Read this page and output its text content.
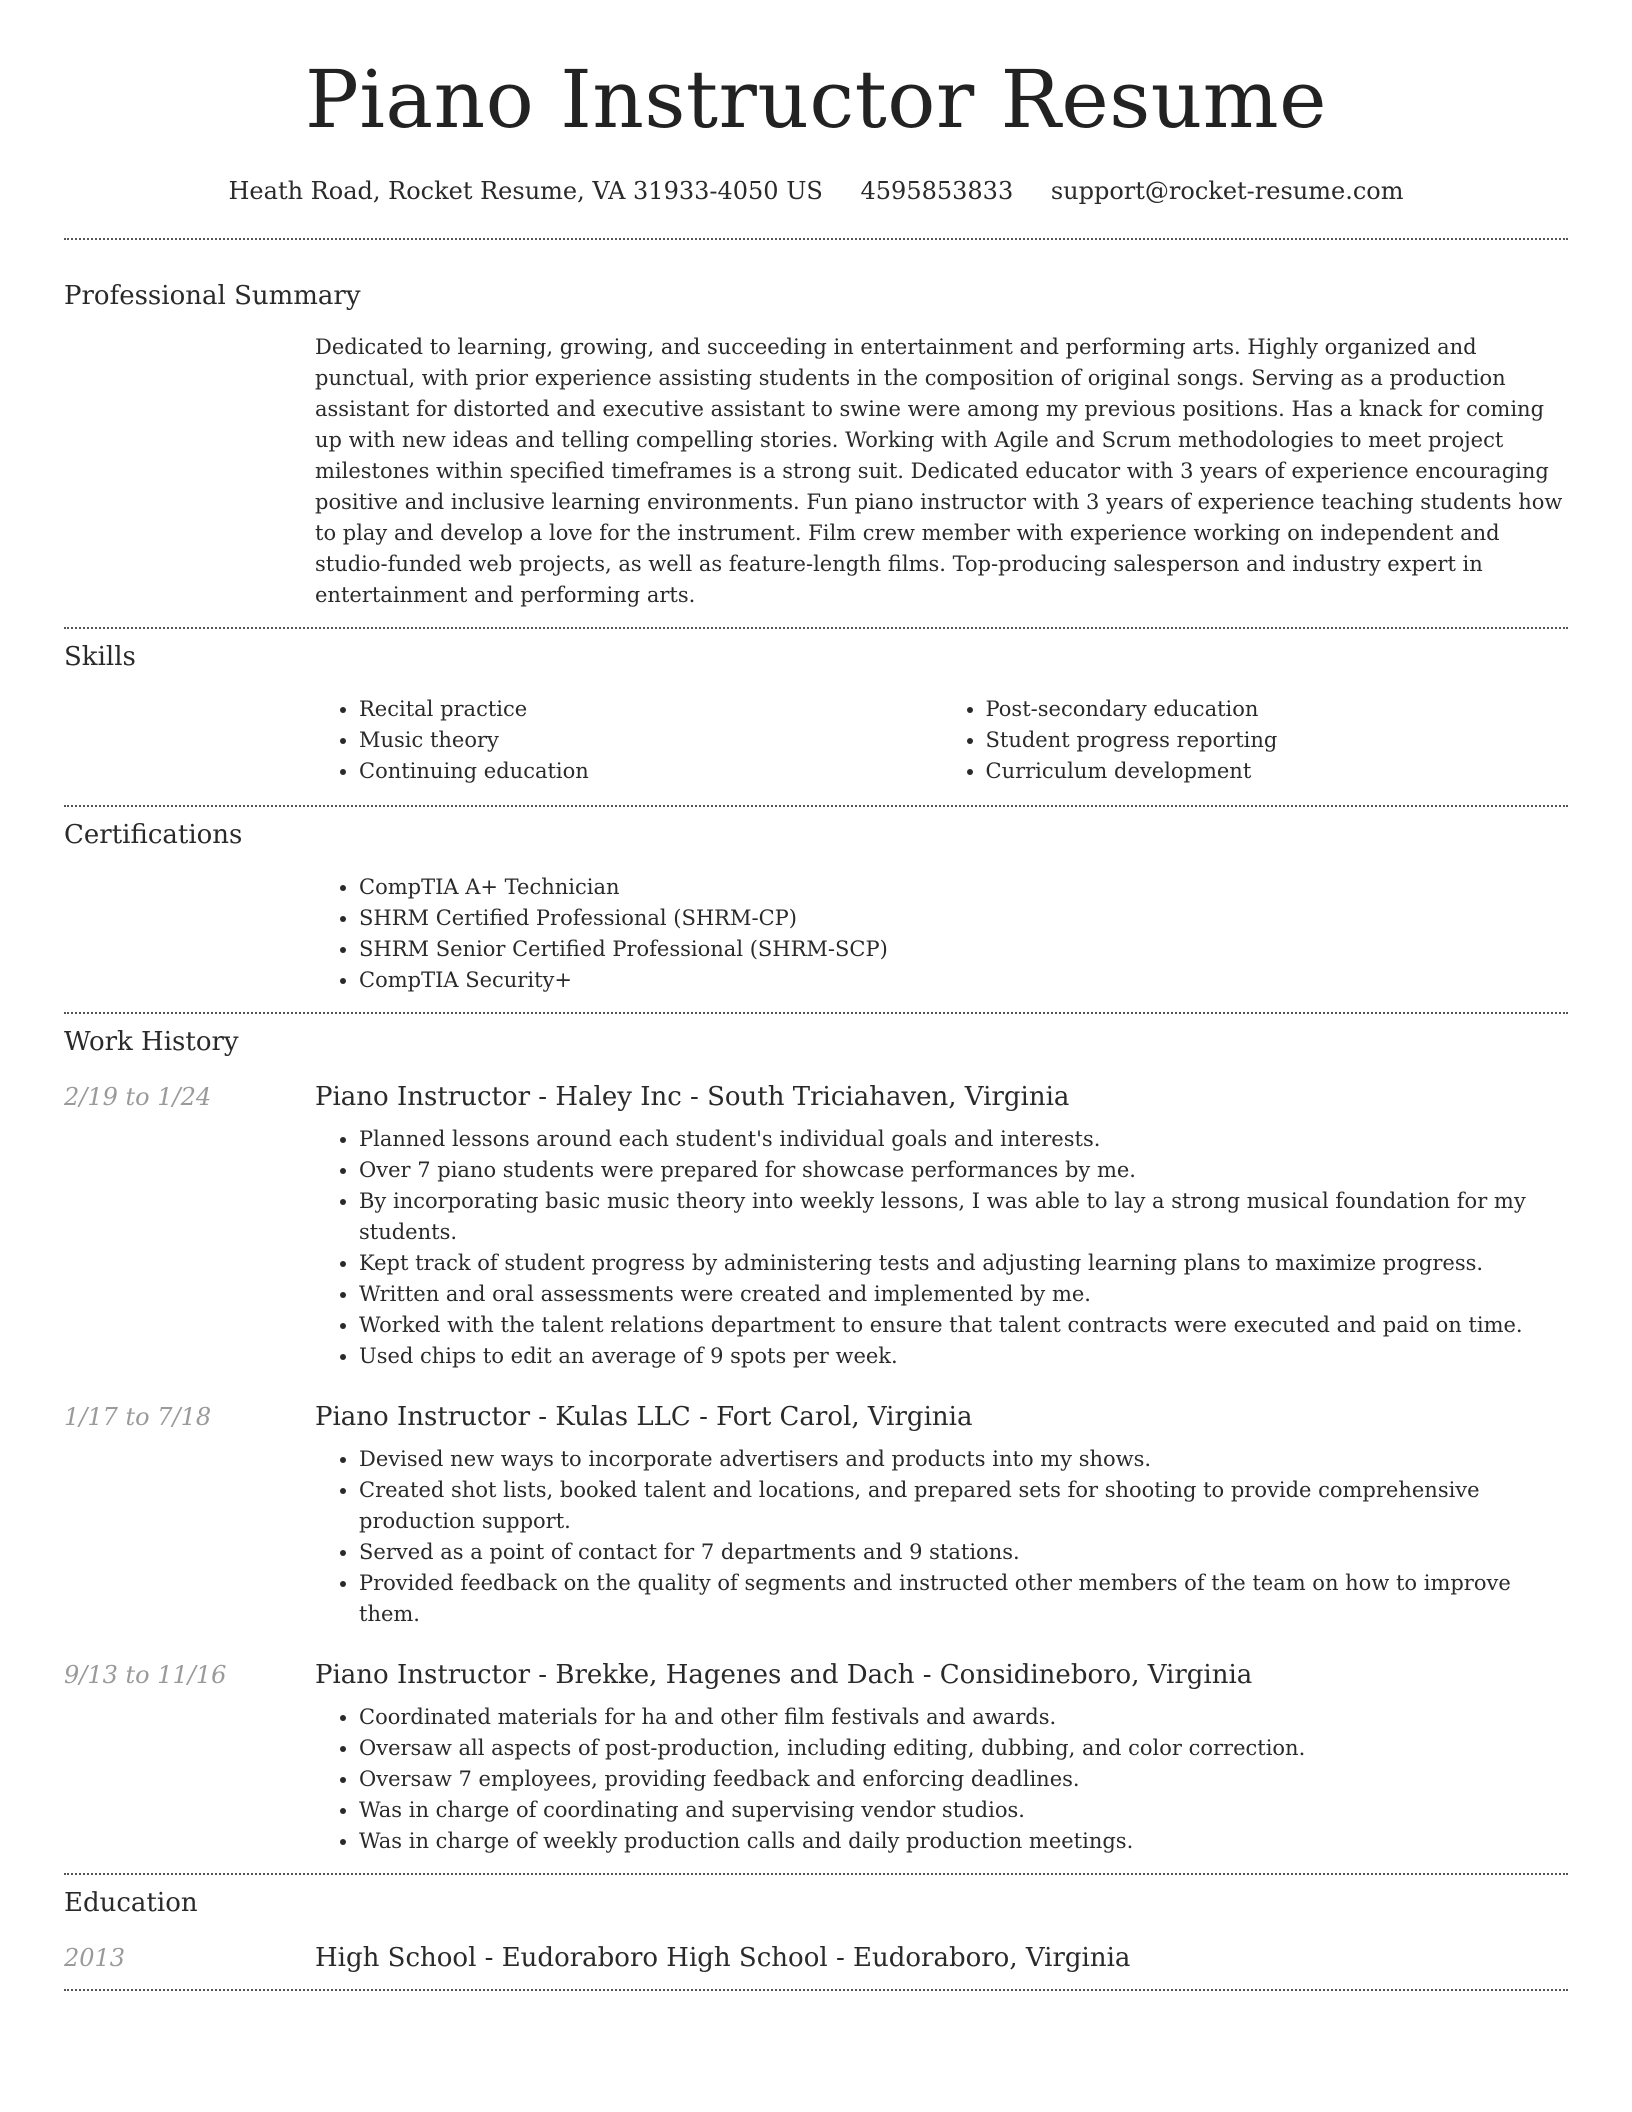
Piano Instructor Resume
Heath Road, Rocket Resume, VA 31933-4050 US 4595853833 support@rocket-resume.com
Professional Summary

Dedicated to learning, growing, and succeeding in entertainment and performing arts. Highly organized and punctual, with prior experience assisting students in the composition of original songs. Serving as a production assistant for distorted and executive assistant to swine were among my previous positions. Has a knack for coming up with new ideas and telling compelling stories. Working with Agile and Scrum methodologies to meet project milestones within specified timeframes is a strong suit. Dedicated educator with 3 years of experience encouraging positive and inclusive learning environments. Fun piano instructor with 3 years of experience teaching students how to play and develop a love for the instrument. Film crew member with experience working on independent and studio-funded web projects, as well as feature-length films. Top-producing salesperson and industry expert in entertainment and performing arts.

Skills
• Recital practice
• Music theory
• Continuing education
• Post-secondary education
• Student progress reporting
• Curriculum development
Certifications
• CompTIA A+ Technician
• SHRM Certified Professional (SHRM-CP)
• SHRM Senior Certified Professional (SHRM-SCP)
• CompTIA Security+
Work History
2/19 to 1/24	Piano Instructor - Haley Inc - South Triciahaven, Virginia
• Planned lessons around each student's individual goals and interests.
• Over 7 piano students were prepared for showcase performances by me.
• By incorporating basic music theory into weekly lessons, I was able to lay a strong musical foundation for my students.
• Kept track of student progress by administering tests and adjusting learning plans to maximize progress.
• Written and oral assessments were created and implemented by me.
• Worked with the talent relations department to ensure that talent contracts were executed and paid on time.
• Used chips to edit an average of 9 spots per week.
1/17 to 7/18	Piano Instructor - Kulas LLC - Fort Carol, Virginia
• Devised new ways to incorporate advertisers and products into my shows.
• Created shot lists, booked talent and locations, and prepared sets for shooting to provide comprehensive production support.
• Served as a point of contact for 7 departments and 9 stations.
• Provided feedback on the quality of segments and instructed other members of the team on how to improve them.
9/13 to 11/16	Piano Instructor - Brekke, Hagenes and Dach - Considineboro, Virginia
• Coordinated materials for ha and other film festivals and awards.
• Oversaw all aspects of post-production, including editing, dubbing, and color correction.
• Oversaw 7 employees, providing feedback and enforcing deadlines.
• Was in charge of coordinating and supervising vendor studios.
• Was in charge of weekly production calls and daily production meetings.
Education
2013	High School - Eudoraboro High School - Eudoraboro, Virginia
